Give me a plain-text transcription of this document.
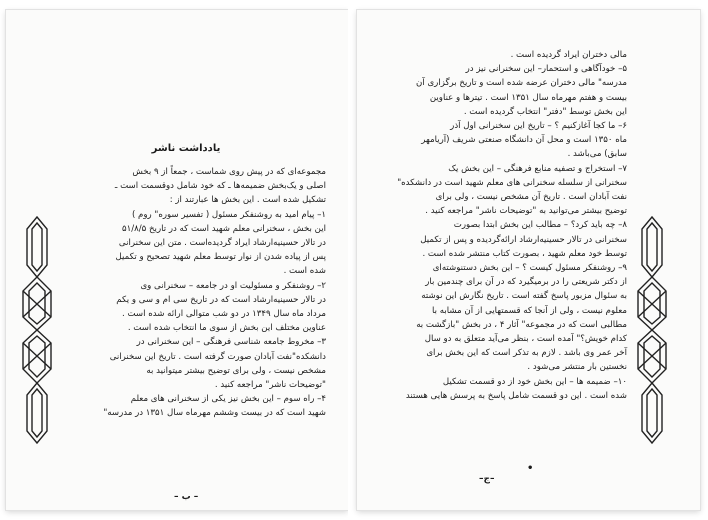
یادداشت ناشر
مجموعه‌ای که در پیش روی شماست ، جمعاً از ۹ بخش
اصلی و یک‌بخش ضمیمه‌ها ـ که خود شامل دوقسمت است ـ
تشکیل شده است . این بخش ها عبارتند از :
۱– پیام امید به روشنفکر مسئول ( تفسیر سوره" روم )
این بخش ، سخنرانی معلم شهید است که در تاریخ ۵۱/۸/۵
در تالار حسینیه‌ارشاد ایراد گردیده‌است . متن این سخنرانی
پس از پیاده شدن از نوار توسط معلم شهید تصحیح و تکمیل
شده است .
۲– روشنفکر و مسئولیت او در جامعه – سخنرانی وی
در تالار حسینیه‌ارشاد است که در تاریخ سی ام و سی و یکم
مرداد ماه سال ۱۳۴۹ در دو شب متوالی ارائه شده است .
عناوین مختلف این بخش از سوی ما انتخاب شده است .
۳– مخروط جامعه شناسی فرهنگی – این سخنرانی در
دانشکده"نفت آبادان صورت گرفته است . تاریخ این سخنرانی
مشخص نیست ، ولی برای توضیح بیشتر میتوانید به
"توضیحات ناشر" مراجعه کنید .
۴– راه سوم – این بخش نیز یکی از سخنرانی های معلم
شهید است که در بیست وششم مهرماه سال ۱۳۵۱ در مدرسه"
– ب –
مالی دختران ایراد گردیده است .
۵– خودآگاهی و استحمار– این سخنرانی نیز در
مدرسه" مالی دختران عرضه شده است و تاریخ برگزاری آن
بیست و هفتم مهرماه سال ۱۳۵۱ است . تیترها و عناوین
این بخش توسط "دفتر" انتخاب گردیده است .
۶– ما کجا آغازکنیم ؟ – تاریخ این سخنرانی اول آذر
ماه ۱۳۵۰ است و محل آن دانشگاه صنعتی شریف (آریامهر
سابق) می‌باشد .
۷– استخراج و تصفیه منابع فرهنگی – این بخش یک
سخنرانی از سلسله سخنرانی های معلم شهید است در دانشکده"
نفت آبادان است . تاریخ آن مشخص نیست ، ولی برای
توضیح بیشتر می‌توانید به "توضیحات ناشر" مراجعه کنید .
۸– چه باید کرد؟ – مطالب این بخش ابتدا بصورت
سخنرانی در تالار حسینیه‌ارشاد ارائه‌گردیده و پس از تکمیل
توسط خود معلم شهید ، بصورت کتاب منتشر شده است .
۹– روشنفکر مسئول کیست ؟ – این بخش دستنوشته‌ای
از دکتر شریعتی را در برمیگیرد که در آن برای چندمین بار
به سئوال مزبور پاسخ گفته است . تاریخ نگارش این نوشته
معلوم نیست ، ولی از آنجا که قسمتهایی از آن مشابه با
مطالبی است که در مجموعه" آثار ۴ ، در بخش "بازگشت به
کدام خویش؟" آمده است ، بنظر می‌آید متعلق به دو سال
آخر عمر وی باشد . لازم به تذکر است که این بخش برای
نخستین بار منتشر می‌شود .
۱۰– ضمیمه ها – این بخش خود از دو قسمت تشکیل
شده است . این دو قسمت شامل پاسخ به پرسش هایی هستند
•
–ج–
